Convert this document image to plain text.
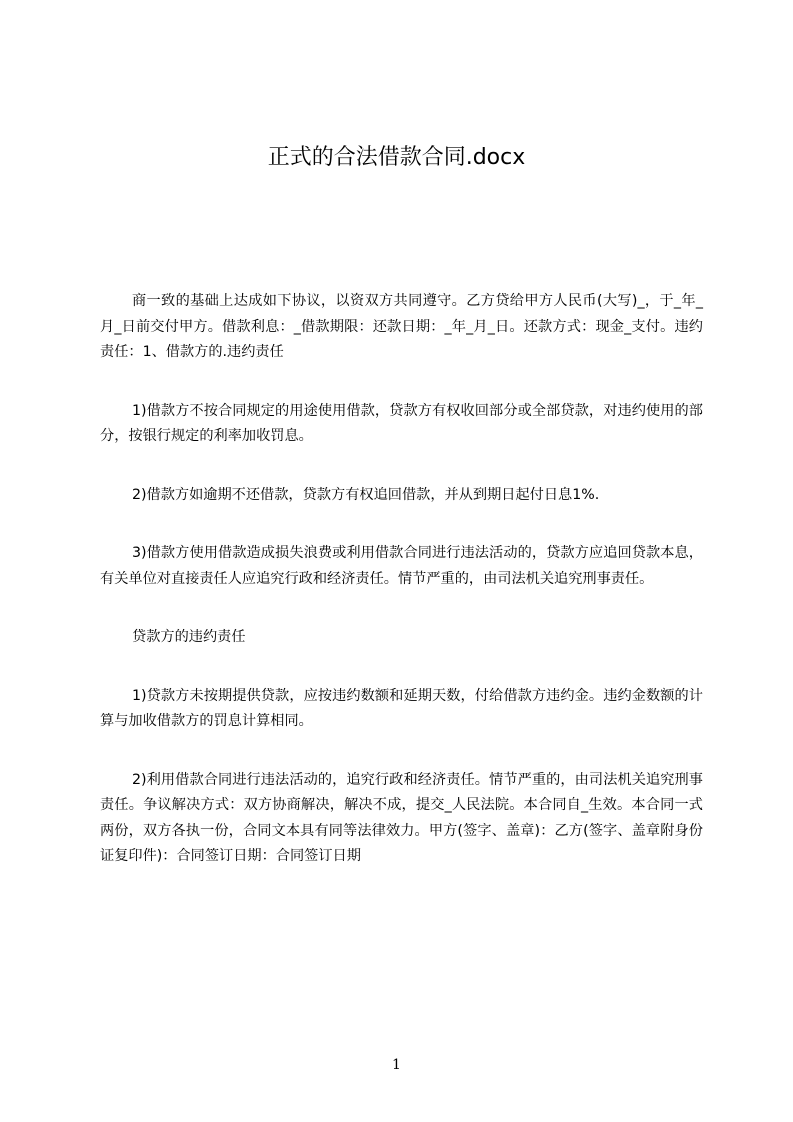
正式的合法借款合同.docx

商一致的基础上达成如下协议，以资双方共同遵守。乙方贷给甲方人民币(大写)_，于_年_月_日前交付甲方。借款利息：_借款期限：还款日期：_年_月_日。还款方式：现金_支付。违约责任：1、借款方的.违约责任

1)借款方不按合同规定的用途使用借款，贷款方有权收回部分或全部贷款，对违约使用的部分，按银行规定的利率加收罚息。

2)借款方如逾期不还借款，贷款方有权追回借款，并从到期日起付日息1%.

3)借款方使用借款造成损失浪费或利用借款合同进行违法活动的，贷款方应追回贷款本息，有关单位对直接责任人应追究行政和经济责任。情节严重的，由司法机关追究刑事责任。

贷款方的违约责任

1)贷款方未按期提供贷款，应按违约数额和延期天数，付给借款方违约金。违约金数额的计算与加收借款方的罚息计算相同。

2)利用借款合同进行违法活动的，追究行政和经济责任。情节严重的，由司法机关追究刑事责任。争议解决方式：双方协商解决，解决不成，提交_人民法院。本合同自_生效。本合同一式两份，双方各执一份，合同文本具有同等法律效力。甲方(签字、盖章)：乙方(签字、盖章附身份证复印件)：合同签订日期：合同签订日期

1
